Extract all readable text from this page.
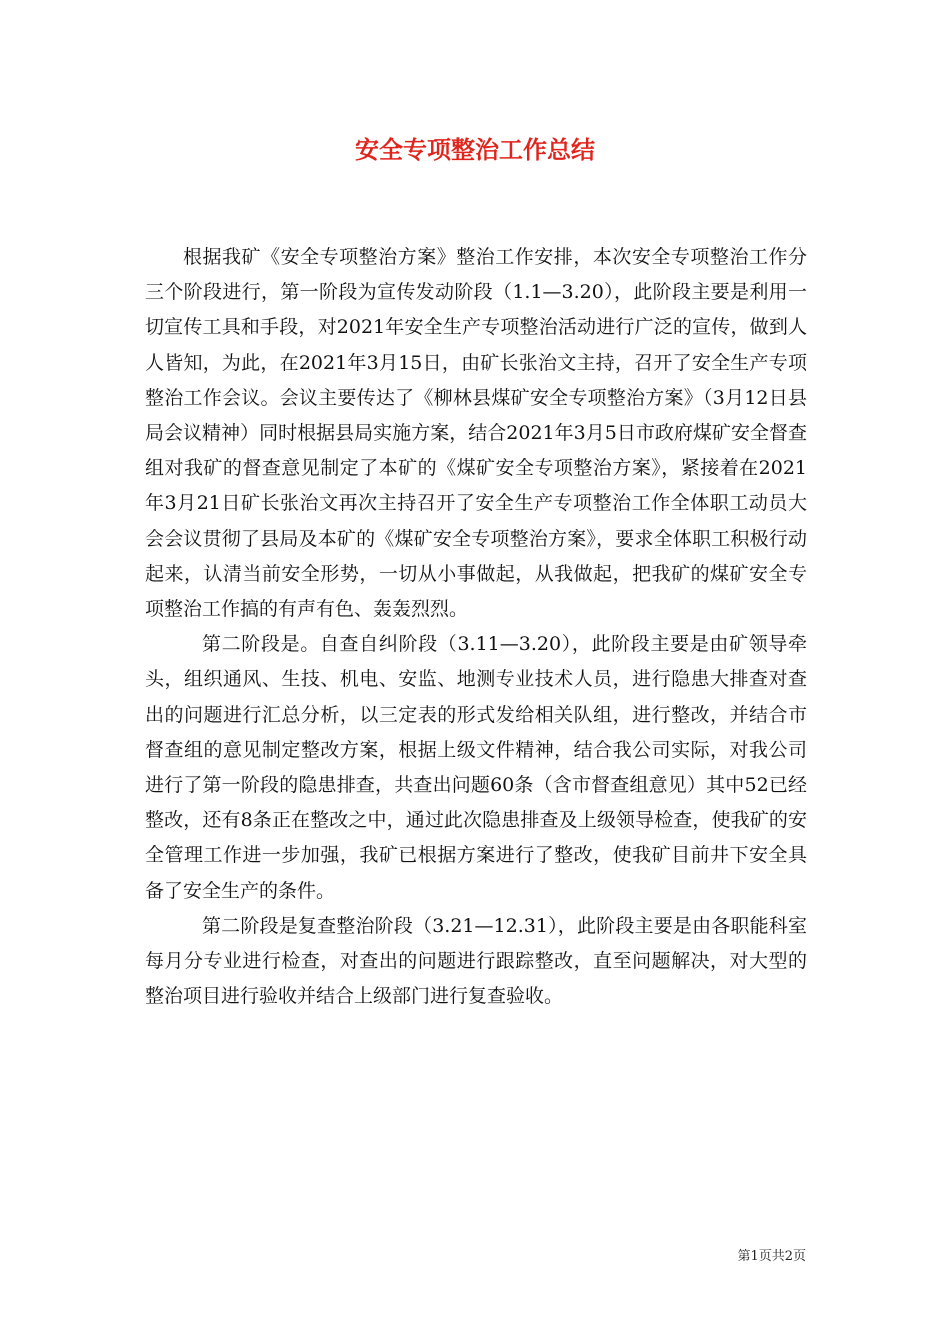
安全专项整治工作总结

根据我矿《安全专项整治方案》整治工作安排，本次安全专项整治工作分三个阶段进行，第一阶段为宣传发动阶段（1.1—3.20），此阶段主要是利用一切宣传工具和手段，对2021年安全生产专项整治活动进行广泛的宣传，做到人人皆知，为此，在2021年3月15日，由矿长张治文主持，召开了安全生产专项整治工作会议。会议主要传达了《柳林县煤矿安全专项整治方案》（3月12日县局会议精神）同时根据县局实施方案，结合2021年3月5日市政府煤矿安全督查组对我矿的督查意见制定了本矿的《煤矿安全专项整治方案》，紧接着在2021年3月21日矿长张治文再次主持召开了安全生产专项整治工作全体职工动员大会会议贯彻了县局及本矿的《煤矿安全专项整治方案》，要求全体职工积极行动起来，认清当前安全形势，一切从小事做起，从我做起，把我矿的煤矿安全专项整治工作搞的有声有色、轰轰烈烈。

第二阶段是。自查自纠阶段（3.11—3.20），此阶段主要是由矿领导牵头，组织通风、生技、机电、安监、地测专业技术人员，进行隐患大排查对查出的问题进行汇总分析，以三定表的形式发给相关队组，进行整改，并结合市督查组的意见制定整改方案，根据上级文件精神，结合我公司实际，对我公司进行了第一阶段的隐患排查，共查出问题60条（含市督查组意见）其中52已经整改，还有8条正在整改之中，通过此次隐患排查及上级领导检查，使我矿的安全管理工作进一步加强，我矿已根据方案进行了整改，使我矿目前井下安全具备了安全生产的条件。

第二阶段是复查整治阶段（3.21—12.31），此阶段主要是由各职能科室每月分专业进行检查，对查出的问题进行跟踪整改，直至问题解决，对大型的整治项目进行验收并结合上级部门进行复查验收。

第1页共2页
